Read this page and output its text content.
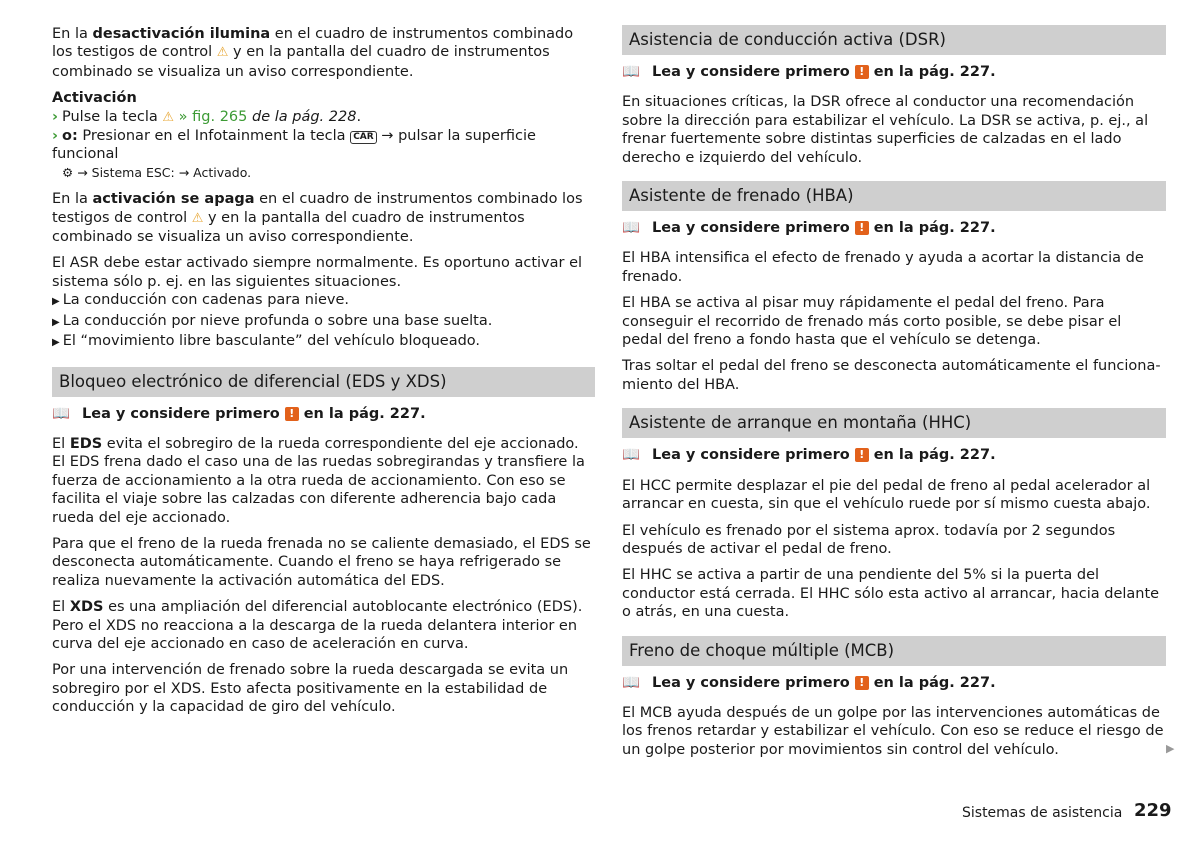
En la desactivación ilumina en el cuadro de instrumentos combinado los testigos de control ⚠ y en la pantalla del cuadro de instrumentos combinado se visualiza un aviso correspondiente.

Activación

› Pulse la tecla ⚠ » fig. 265 de la pág. 228.

› o: Presionar en el Infotainment la tecla CAR → pulsar la superficie funcional

⚙ → Sistema ESC: → Activado.

En la activación se apaga en el cuadro de instrumentos combinado los testigos de control ⚠ y en la pantalla del cuadro de instrumentos combinado se visualiza un aviso correspondiente.

El ASR debe estar activado siempre normalmente. Es oportuno activar el sistema sólo p. ej. en las siguientes situaciones.

▶ La conducción con cadenas para nieve.

▶ La conducción por nieve profunda o sobre una base suelta.

▶ El “movimiento libre basculante” del vehículo bloqueado.

Bloqueo electrónico de diferencial (EDS y XDS)
📖 Lea y considere primero ! en la pág. 227.

El EDS evita el sobregiro de la rueda correspondiente del eje accionado. El EDS frena dado el caso una de las ruedas sobregirandas y transfiere la fuerza de accionamiento a la otra rueda de accionamiento. Con eso se facilita el viaje sobre las calzadas con diferente adherencia bajo cada rueda del eje accionado.

Para que el freno de la rueda frenada no se caliente demasiado, el EDS se desconecta automáticamente. Cuando el freno se haya refrigerado se realiza nuevamente la activación automática del EDS.

El XDS es una ampliación del diferencial autoblocante electrónico (EDS). Pero el XDS no reacciona a la descarga de la rueda delantera interior en curva del eje accionado en caso de aceleración en curva.

Por una intervención de frenado sobre la rueda descargada se evita un sobregiro por el XDS. Esto afecta positivamente en la estabilidad de conducción y la capacidad de giro del vehículo.

Asistencia de conducción activa (DSR)
📖 Lea y considere primero ! en la pág. 227.

En situaciones críticas, la DSR ofrece al conductor una recomendación sobre la dirección para estabilizar el vehículo. La DSR se activa, p. ej., al frenar fuertemente sobre distintas superficies de calzadas en el lado derecho e izquierdo del vehículo.

Asistente de frenado (HBA)
📖 Lea y considere primero ! en la pág. 227.

El HBA intensifica el efecto de frenado y ayuda a acortar la distancia de frenado.

El HBA se activa al pisar muy rápidamente el pedal del freno. Para conseguir el recorrido de frenado más corto posible, se debe pisar el pedal del freno a fondo hasta que el vehículo se detenga.

Tras soltar el pedal del freno se desconecta automáticamente el funcionamiento del HBA.

Asistente de arranque en montaña (HHC)
📖 Lea y considere primero ! en la pág. 227.

El HCC permite desplazar el pie del pedal de freno al pedal acelerador al arrancar en cuesta, sin que el vehículo ruede por sí mismo cuesta abajo.

El vehículo es frenado por el sistema aprox. todavía por 2 segundos después de activar el pedal de freno.

El HHC se activa a partir de una pendiente del 5% si la puerta del conductor está cerrada. El HHC sólo esta activo al arrancar, hacia delante o atrás, en una cuesta.

Freno de choque múltiple (MCB)
📖 Lea y considere primero ! en la pág. 227.

El MCB ayuda después de un golpe por las intervenciones automáticas de los frenos retardar y estabilizar el vehículo. Con eso se reduce el riesgo de un golpe posterior por movimientos sin control del vehículo.	▶
Sistemas de asistencia 229
